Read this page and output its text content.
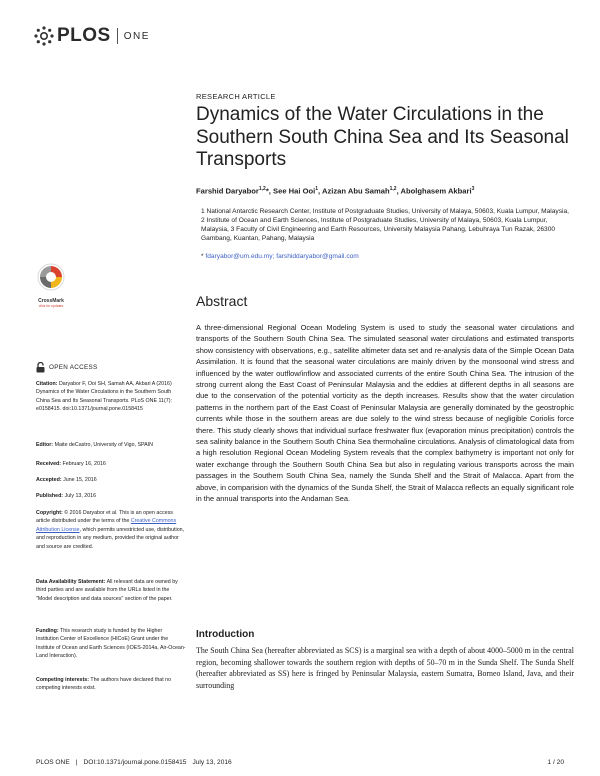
PLOS ONE
RESEARCH ARTICLE
Dynamics of the Water Circulations in the Southern South China Sea and Its Seasonal Transports
Farshid Daryabor$^{1,2}$*, See Hai Ooi$^1$, Azizan Abu Samah$^{1,2}$, Abolghasem Akbari$^3$
1 National Antarctic Research Center, Institute of Postgraduate Studies, University of Malaya, 50603, Kuala Lumpur, Malaysia, 2 Institute of Ocean and Earth Sciences, Institute of Postgraduate Studies, University of Malaya, 50603, Kuala Lumpur, Malaysia, 3 Faculty of Civil Engineering and Earth Resources, University Malaysia Pahang, Lebuhraya Tun Razak, 26300 Gambang, Kuantan, Pahang, Malaysia
* fdaryabor@um.edu.my; farshiddaryabor@gmail.com
CrossMark
click for updates
OPEN ACCESS
Citation: Daryabor F, Ooi SH, Samah AA, Akbari A (2016) Dynamics of the Water Circulations in the Southern South China Sea and Its Seasonal Transports. PLoS ONE 11(7): e0158415. doi:10.1371/journal.pone.0158415
Editor: Maite deCastro, University of Vigo, SPAIN
Received: February 16, 2016
Accepted: June 15, 2016
Published: July 13, 2016
Copyright: © 2016 Daryabor et al. This is an open access article distributed under the terms of the Creative Commons Attribution License, which permits unrestricted use, distribution, and reproduction in any medium, provided the original author and source are credited.
Data Availability Statement: All relevant data are owned by third parties and are available from the URLs listed in the "Model description and data sources" section of the paper.
Funding: This research study is funded by the Higher Institution Center of Excellence (HICoE) Grant under the Institute of Ocean and Earth Sciences (IOES-2014a, Air-Ocean-Land Interaction).
Competing interests: The authors have declared that no competing interests exist.
Abstract

A three-dimensional Regional Ocean Modeling System is used to study the seasonal water circulations and transports of the Southern South China Sea. The simulated seasonal water circulations and estimated transports show consistency with observations, e.g., satellite altimeter data set and re-analysis data of the Simple Ocean Data Assimilation. It is found that the seasonal water circulations are mainly driven by the monsoonal wind stress and influenced by the water outflow/inflow and associated currents of the entire South China Sea. The intrusion of the strong current along the East Coast of Peninsular Malaysia and the eddies at different depths in all seasons are due to the conservation of the potential vorticity as the depth increases. Results show that the water circulation patterns in the northern part of the East Coast of Peninsular Malaysia are generally dominated by the geostrophic currents while those in the southern areas are due solely to the wind stress because of negligible Coriolis force there. This study clearly shows that individual surface freshwater flux (evaporation minus precipitation) controls the sea salinity balance in the Southern South China Sea thermohaline circulations. Analysis of climatological data from a high resolution Regional Ocean Modeling System reveals that the complex bathymetry is important not only for water exchange through the Southern South China Sea but also in regulating various transports across the main passages in the Southern South China Sea, namely the Sunda Shelf and the Strait of Malacca. Apart from the above, in comparision with the dynamics of the Sunda Shelf, the Strait of Malacca reflects an equally significant role in the annual transports into the Andaman Sea.

Introduction

The South China Sea (hereafter abbreviated as SCS) is a marginal sea with a depth of about 4000–5000 m in the central region, becoming shallower towards the southern region with depths of 50–70 m in the Sunda Shelf. The Sunda Shelf (hereafter abbreviated as SS) here is fringed by Peninsular Malaysia, eastern Sumatra, Borneo Island, Java, and their surrounding

PLOS ONE | DOI:10.1371/journal.pone.0158415 July 13, 2016	1 / 20
